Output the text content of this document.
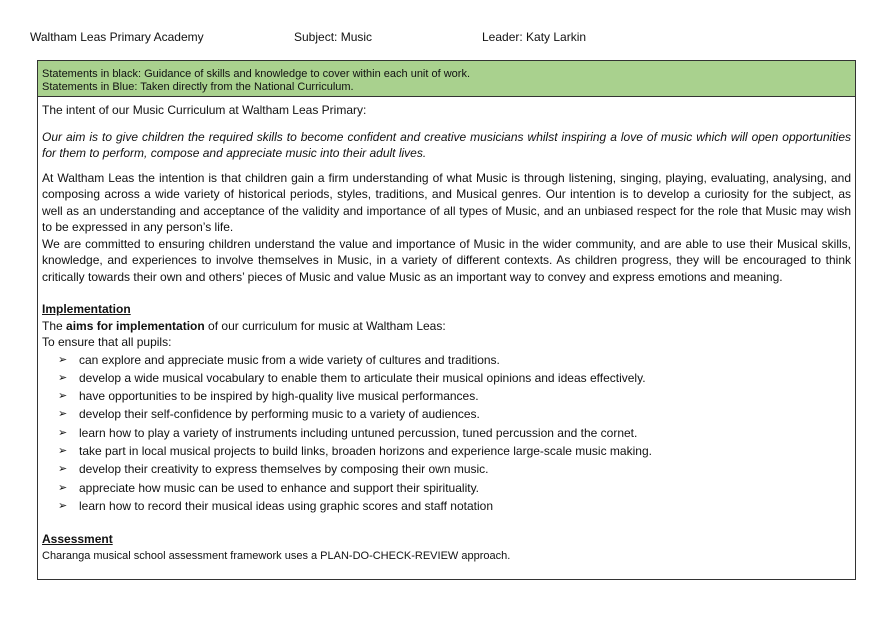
Waltham Leas Primary Academy	Subject: Music	Leader: Katy Larkin
Statements in black: Guidance of skills and knowledge to cover within each unit of work.
Statements in Blue: Taken directly from the National Curriculum.

The intent of our Music Curriculum at Waltham Leas Primary:

Our aim is to give children the required skills to become confident and creative musicians whilst inspiring a love of music which will open opportunities for them to perform, compose and appreciate music into their adult lives.

At Waltham Leas the intention is that children gain a firm understanding of what Music is through listening, singing, playing, evaluating, analysing, and composing across a wide variety of historical periods, styles, traditions, and Musical genres. Our intention is to develop a curiosity for the subject, as well as an understanding and acceptance of the validity and importance of all types of Music, and an unbiased respect for the role that Music may wish to be expressed in any person’s life.

We are committed to ensuring children understand the value and importance of Music in the wider community, and are able to use their Musical skills, knowledge, and experiences to involve themselves in Music, in a variety of different contexts. As children progress, they will be encouraged to think critically towards their own and others’ pieces of Music and value Music as an important way to convey and express emotions and meaning.

Implementation

The aims for implementation of our curriculum for music at Waltham Leas:

To ensure that all pupils:

➢ can explore and appreciate music from a wide variety of cultures and traditions.
➢ develop a wide musical vocabulary to enable them to articulate their musical opinions and ideas effectively.
➢ have opportunities to be inspired by high-quality live musical performances.
➢ develop their self-confidence by performing music to a variety of audiences.
➢ learn how to play a variety of instruments including untuned percussion, tuned percussion and the cornet.
➢ take part in local musical projects to build links, broaden horizons and experience large-scale music making.
➢ develop their creativity to express themselves by composing their own music.
➢ appreciate how music can be used to enhance and support their spirituality.
➢ learn how to record their musical ideas using graphic scores and staff notation

Assessment

Charanga musical school assessment framework uses a PLAN-DO-CHECK-REVIEW approach.
